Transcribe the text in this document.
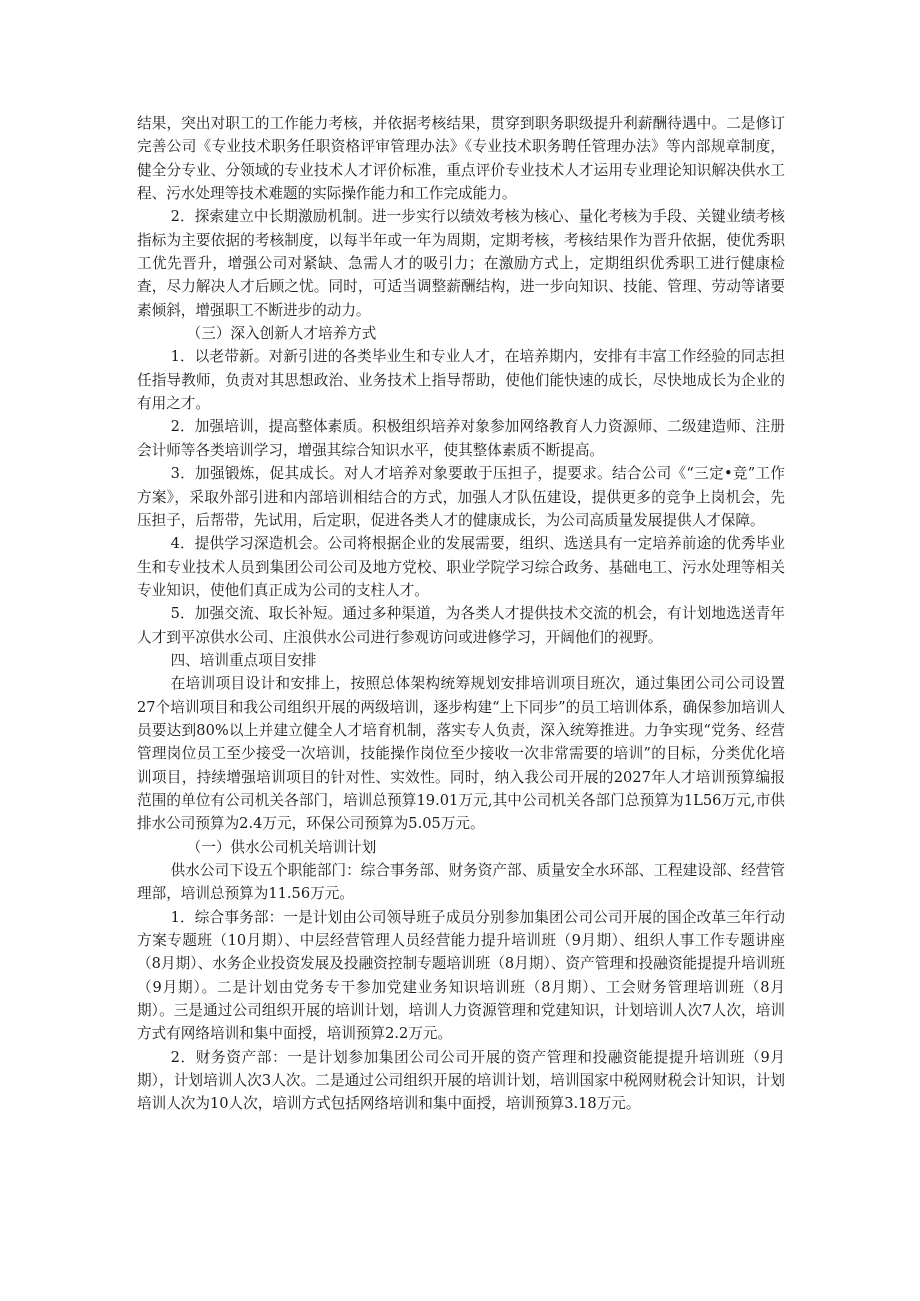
结果，突出对职工的工作能力考核，并依据考核结果，贯穿到职务职级提升利薪酬待遇中。二是修订完善公司《专业技术职务任职资格评审管理办法》《专业技术职务聘任管理办法》等内部规章制度，健全分专业、分领域的专业技术人才评价标准，重点评价专业技术人才运用专业理论知识解决供水工程、污水处理等技术难题的实际操作能力和工作完成能力。

2．探索建立中长期激励机制。进一步实行以绩效考核为核心、量化考核为手段、关键业绩考核指标为主要依据的考核制度，以每半年或一年为周期，定期考核，考核结果作为晋升依据，使优秀职工优先晋升，增强公司对紧缺、急需人才的吸引力；在激励方式上，定期组织优秀职工进行健康检查，尽力解决人才后顾之忧。同时，可适当调整薪酬结构，进一步向知识、技能、管理、劳动等诸要素倾斜，增强职工不断进步的动力。

（三）深入创新人才培养方式

1．以老带新。对新引进的各类毕业生和专业人才，在培养期内，安排有丰富工作经验的同志担任指导教师，负责对其思想政治、业务技术上指导帮助，使他们能快速的成长，尽快地成长为企业的有用之才。

2．加强培训，提高整体素质。积极组织培养对象参加网络教育人力资源师、二级建造师、注册会计师等各类培训学习，增强其综合知识水平，使其整体素质不断提高。

3．加强锻炼，促其成长。对人才培养对象要敢于压担子，提要求。结合公司《“三定•竞”工作方案》，采取外部引进和内部培训相结合的方式，加强人才队伍建设，提供更多的竞争上岗机会，先压担子，后帮带，先试用，后定职，促进各类人才的健康成长，为公司高质量发展提供人才保障。

4．提供学习深造机会。公司将根据企业的发展需要，组织、选送具有一定培养前途的优秀毕业生和专业技术人员到集团公司公司及地方党校、职业学院学习综合政务、基础电工、污水处理等相关专业知识，使他们真正成为公司的支柱人才。

5．加强交流、取长补短。通过多种渠道，为各类人才提供技术交流的机会，有计划地选送青年人才到平凉供水公司、庄浪供水公司进行参观访问或进修学习，开阔他们的视野。

四、培训重点项目安排

在培训项目设计和安排上，按照总体架构统筹规划安排培训项目班次，通过集团公司公司设置27个培训项目和我公司组织开展的两级培训，逐步构建“上下同步”的员工培训体系，确保参加培训人员要达到80%以上并建立健全人才培育机制，落实专人负责，深入统筹推进。力争实现“党务、经营管理岗位员工至少接受一次培训，技能操作岗位至少接收一次非常需要的培训”的目标，分类优化培训项目，持续增强培训项目的针对性、实效性。同时，纳入我公司开展的2027年人才培训预算编报范围的单位有公司机关各部门，培训总预算19.01万元,其中公司机关各部门总预算为1L56万元,市供排水公司预算为2.4万元，环保公司预算为5.05万元。

（一）供水公司机关培训计划

供水公司下设五个职能部门：综合事务部、财务资产部、质量安全水环部、工程建设部、经营管理部，培训总预算为11.56万元。

1．综合事务部：一是计划由公司领导班子成员分别参加集团公司公司开展的国企改革三年行动方案专题班（10月期）、中层经营管理人员经营能力提升培训班（9月期）、组织人事工作专题讲座（8月期）、水务企业投资发展及投融资控制专题培训班（8月期）、资产管理和投融资能提提升培训班（9月期）。二是计划由党务专干参加党建业务知识培训班（8月期）、工会财务管理培训班（8月期）。三是通过公司组织开展的培训计划，培训人力资源管理和党建知识，计划培训人次7人次，培训方式有网络培训和集中面授，培训预算2.2万元。

2．财务资产部：一是计划参加集团公司公司开展的资产管理和投融资能提提升培训班（9月期），计划培训人次3人次。二是通过公司组织开展的培训计划，培训国家中税网财税会计知识，计划培训人次为10人次，培训方式包括网络培训和集中面授，培训预算3.18万元。
